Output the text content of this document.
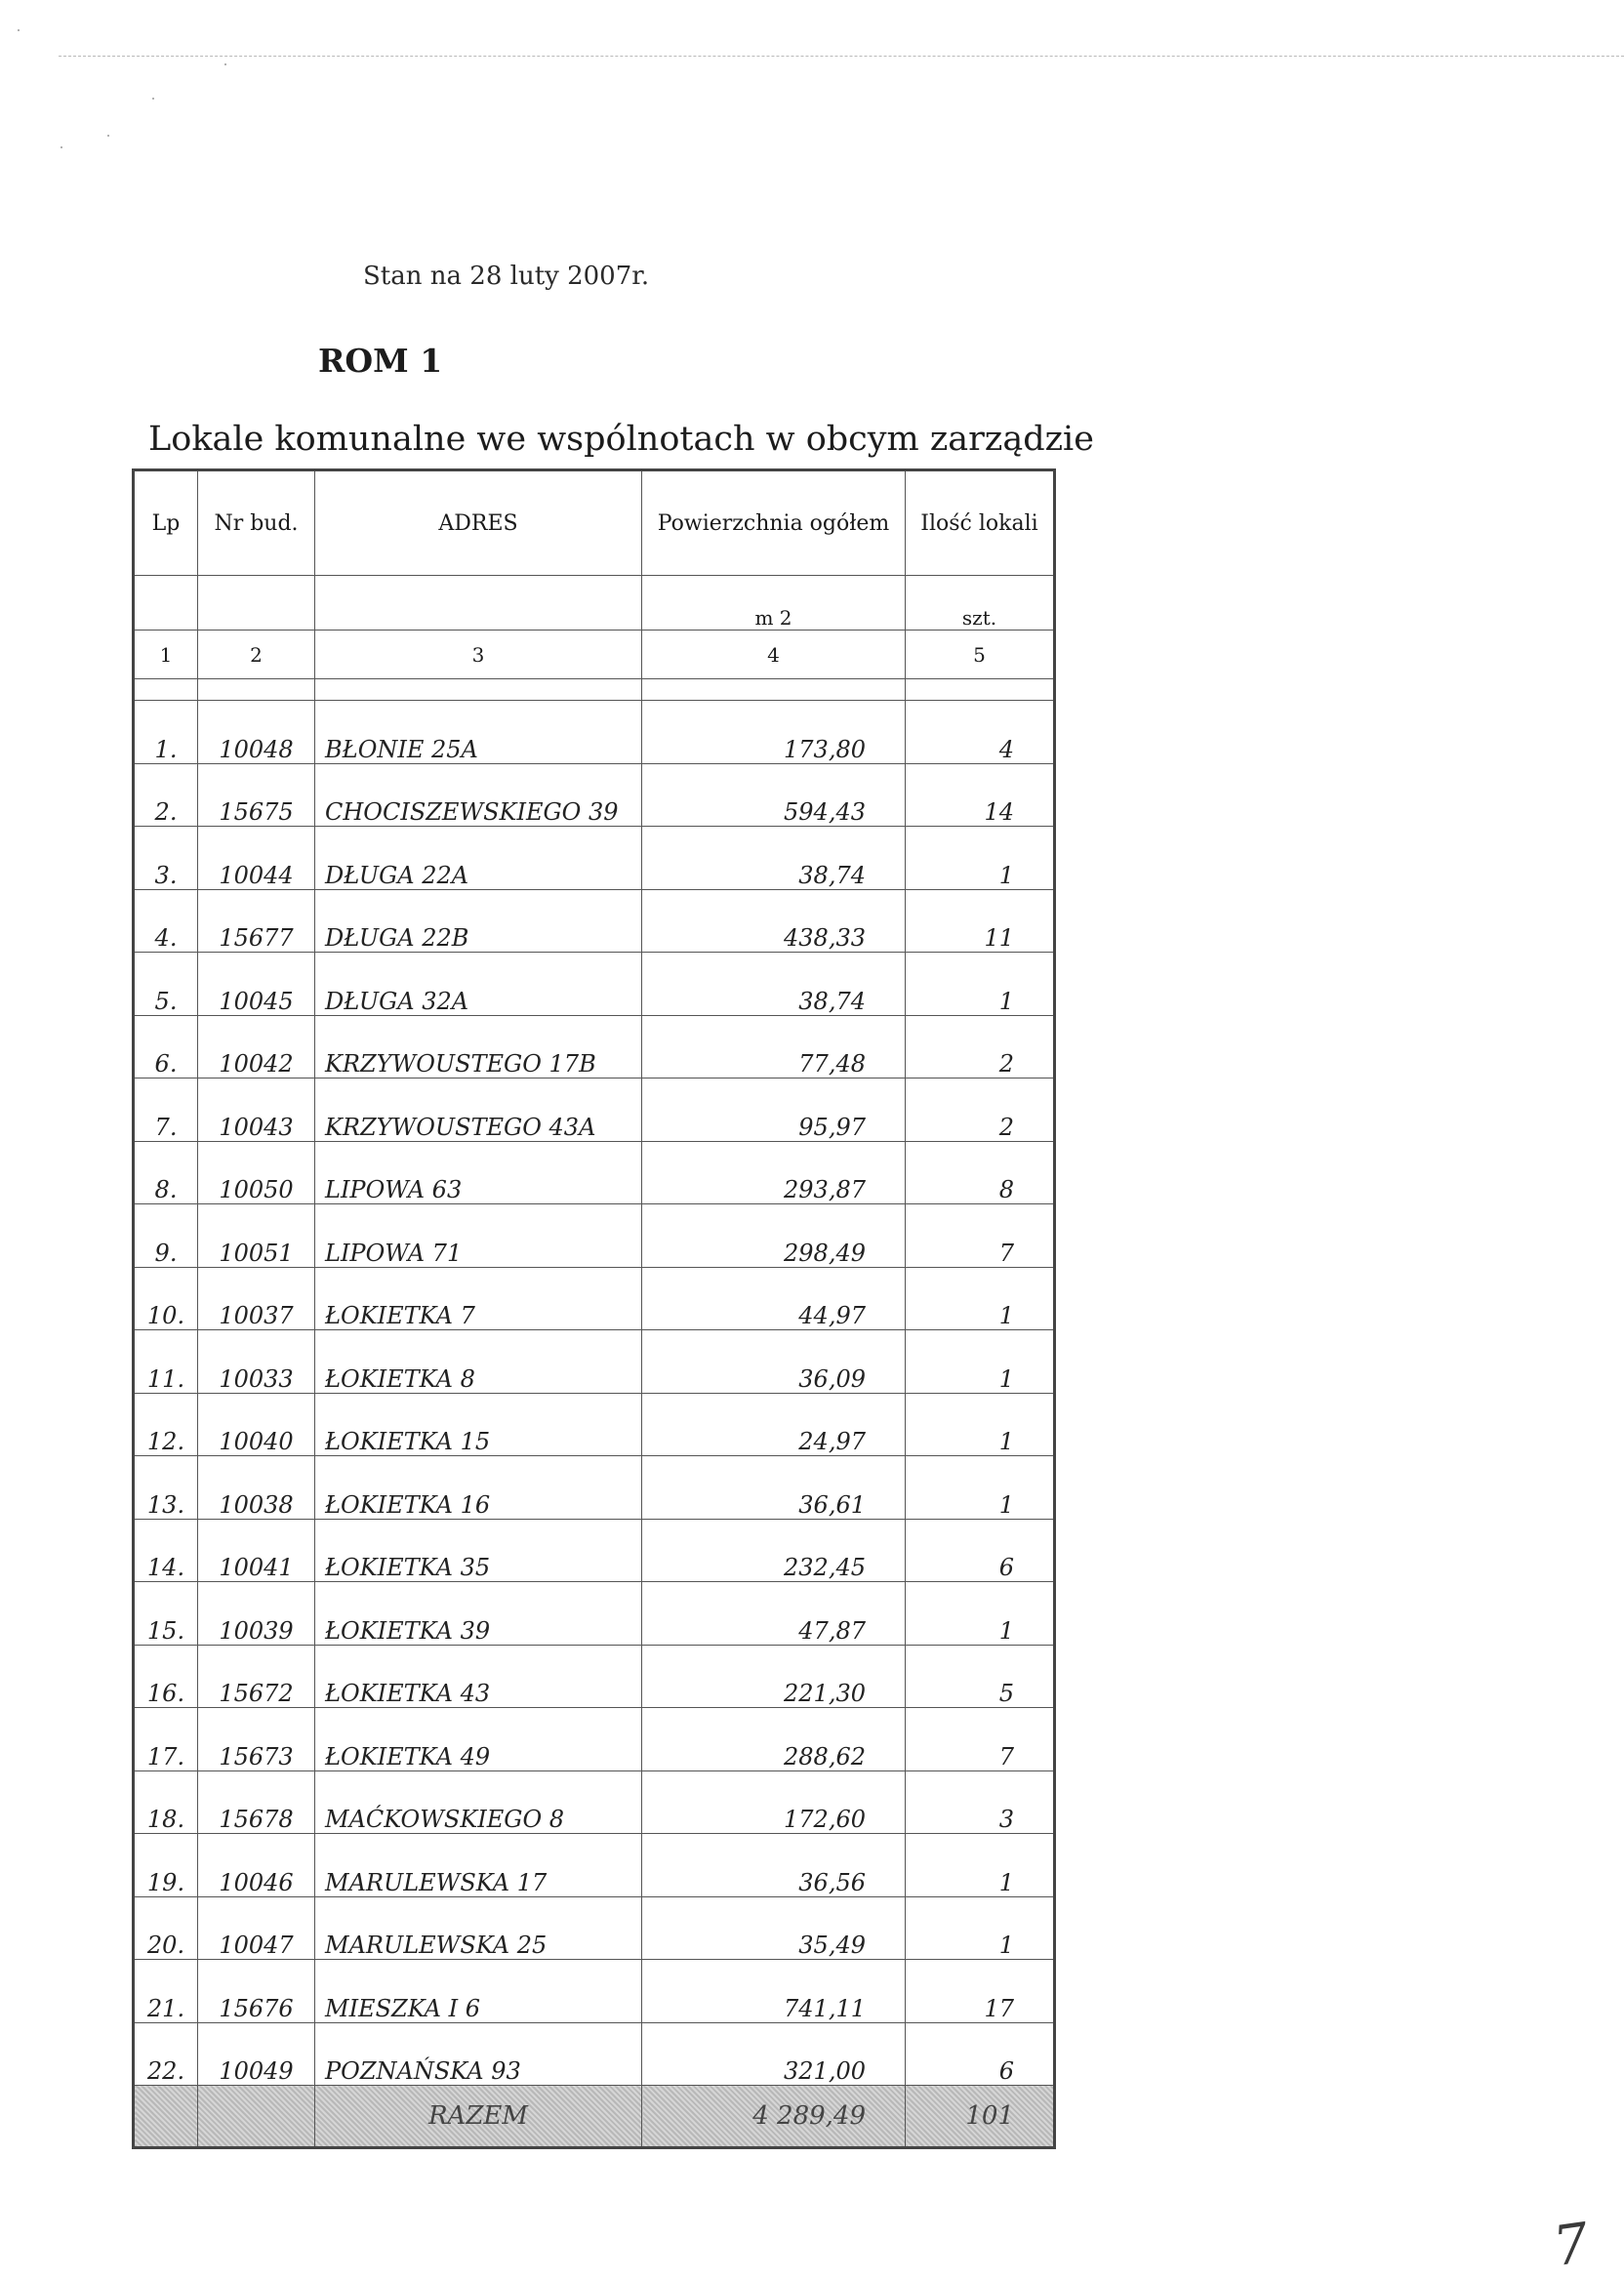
Stan na 28 luty 2007r.
ROM 1
Lokale komunalne we wspólnotach w obcym zarządzie
Lp	Nr bud.	ADRES	Powierzchnia ogółem	Ilość lokali
			m 2	szt.
1	2	3	4	5

1.	10048	BŁONIE 25A	173,80	4
2.	15675	CHOCISZEWSKIEGO 39	594,43	14
3.	10044	DŁUGA 22A	38,74	1
4.	15677	DŁUGA 22B	438,33	11
5.	10045	DŁUGA 32A	38,74	1
6.	10042	KRZYWOUSTEGO 17B	77,48	2
7.	10043	KRZYWOUSTEGO 43A	95,97	2
8.	10050	LIPOWA 63	293,87	8
9.	10051	LIPOWA 71	298,49	7
10.	10037	ŁOKIETKA 7	44,97	1
11.	10033	ŁOKIETKA 8	36,09	1
12.	10040	ŁOKIETKA 15	24,97	1
13.	10038	ŁOKIETKA 16	36,61	1
14.	10041	ŁOKIETKA 35	232,45	6
15.	10039	ŁOKIETKA 39	47,87	1
16.	15672	ŁOKIETKA 43	221,30	5
17.	15673	ŁOKIETKA 49	288,62	7
18.	15678	MAĆKOWSKIEGO 8	172,60	3
19.	10046	MARULEWSKA 17	36,56	1
20.	10047	MARULEWSKA 25	35,49	1
21.	15676	MIESZKA I 6	741,11	17
22.	10049	POZNAŃSKA 93	321,00	6
		RAZEM	4 289,49	101
7
